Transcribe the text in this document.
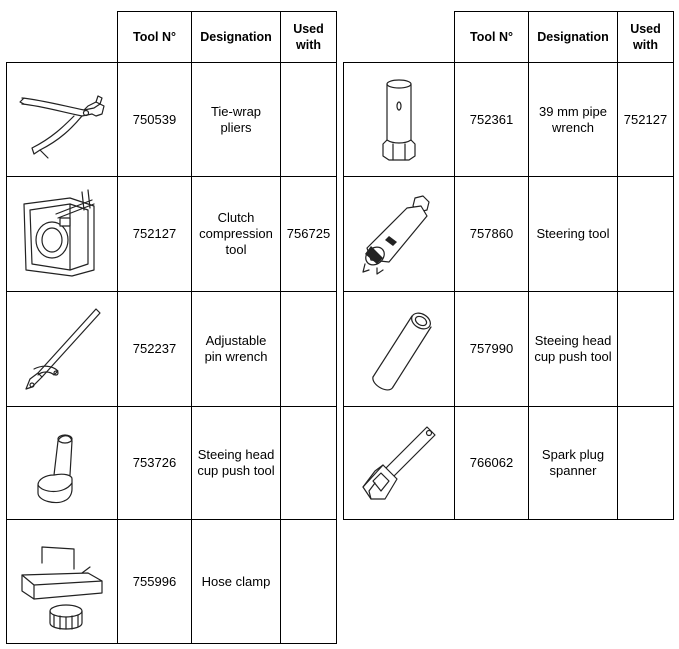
	Tool N°	Designation	Used
with

	750539	Tie-wrap
pliers	

	752127	Clutch
compression
tool	756725

	752237	Adjustable
pin wrench	

	753726	Steeing head
cup push tool	

	755996	Hose clamp	
	Tool N°	Designation	Used
with

	752361	39 mm pipe
wrench	752127

	757860	Steering tool	

	757990	Steeing head
cup push tool	

	766062	Spark plug
spanner	
